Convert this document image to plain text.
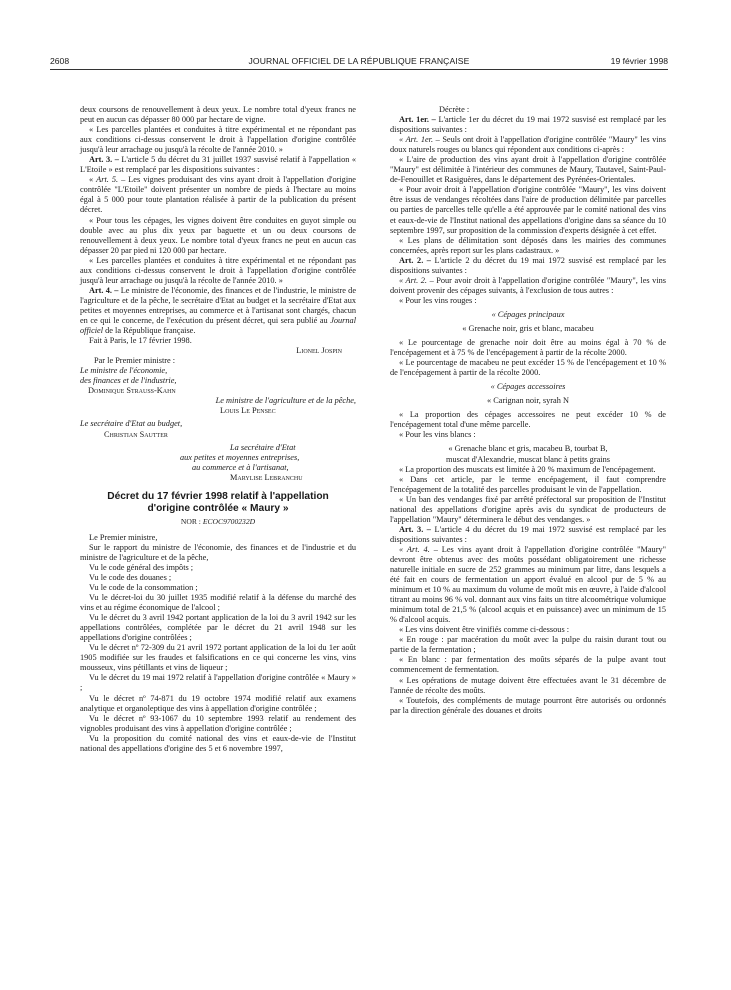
2608	JOURNAL OFFICIEL DE LA RÉPUBLIQUE FRANÇAISE	19 février 1998

deux coursons de renouvellement à deux yeux. Le nombre total d'yeux francs ne peut en aucun cas dépasser 80 000 par hectare de vigne.

« Les parcelles plantées et conduites à titre expérimental et ne répondant pas aux conditions ci-dessus conservent le droit à l'appellation d'origine contrôlée jusqu'à leur arrachage ou jusqu'à la récolte de l'année 2010. »

Art. 3. – L'article 5 du décret du 31 juillet 1937 susvisé relatif à l'appellation « L'Etoile » est remplacé par les dispositions suivantes :

« Art. 5. – Les vignes produisant des vins ayant droit à l'appellation d'origine contrôlée "L'Etoile" doivent présenter un nombre de pieds à l'hectare au moins égal à 5 000 pour toute plantation réalisée à partir de la publication du présent décret.

« Pour tous les cépages, les vignes doivent être conduites en guyot simple ou double avec au plus dix yeux par baguette et un ou deux coursons de renouvellement à deux yeux. Le nombre total d'yeux francs ne peut en aucun cas dépasser 20 par pied ni 120 000 par hectare.

« Les parcelles plantées et conduites à titre expérimental et ne répondant pas aux conditions ci-dessus conservent le droit à l'appellation d'origine contrôlée jusqu'à leur arrachage ou jusqu'à la récolte de l'année 2010. »

Art. 4. – Le ministre de l'économie, des finances et de l'industrie, le ministre de l'agriculture et de la pêche, le secrétaire d'Etat au budget et la secrétaire d'Etat aux petites et moyennes entreprises, au commerce et à l'artisanat sont chargés, chacun en ce qui le concerne, de l'exécution du présent décret, qui sera publié au Journal officiel de la République française.

Fait à Paris, le 17 février 1998.

Lionel Jospin

Par le Premier ministre :

Le ministre de l'économie,

des finances et de l'industrie,

Dominique Strauss-Kahn

Le ministre de l'agriculture et de la pêche,

Louis Le Pensec

Le secrétaire d'Etat au budget,

Christian Sautter

La secrétaire d'Etat

aux petites et moyennes entreprises,

au commerce et à l'artisanat,

Marylise Lebranchu

Décret du 17 février 1998 relatif à l'appellation
d'origine contrôlée « Maury »
NOR : ECOC9700232D

Le Premier ministre,

Sur le rapport du ministre de l'économie, des finances et de l'industrie et du ministre de l'agriculture et de la pêche,

Vu le code général des impôts ;

Vu le code des douanes ;

Vu le code de la consommation ;

Vu le décret-loi du 30 juillet 1935 modifié relatif à la défense du marché des vins et au régime économique de l'alcool ;

Vu le décret du 3 avril 1942 portant application de la loi du 3 avril 1942 sur les appellations contrôlées, complétée par le décret du 21 avril 1948 sur les appellations d'origine contrôlées ;

Vu le décret nº 72-309 du 21 avril 1972 portant application de la loi du 1er août 1905 modifiée sur les fraudes et falsifications en ce qui concerne les vins, vins mousseux, vins pétillants et vins de liqueur ;

Vu le décret du 19 mai 1972 relatif à l'appellation d'origine contrôlée « Maury » ;

Vu le décret nº 74-871 du 19 octobre 1974 modifié relatif aux examens analytique et organoleptique des vins à appellation d'origine contrôlée ;

Vu le décret nº 93-1067 du 10 septembre 1993 relatif au rendement des vignobles produisant des vins à appellation d'origine contrôlée ;

Vu la proposition du comité national des vins et eaux-de-vie de l'Institut national des appellations d'origine des 5 et 6 novembre 1997,

Décrète :

Art. 1er. – L'article 1er du décret du 19 mai 1972 susvisé est remplacé par les dispositions suivantes :

« Art. 1er. – Seuls ont droit à l'appellation d'origine contrôlée "Maury" les vins doux naturels rouges ou blancs qui répondent aux conditions ci-après :

« L'aire de production des vins ayant droit à l'appellation d'origine contrôlée "Maury" est délimitée à l'intérieur des communes de Maury, Tautavel, Saint-Paul-de-Fenouillet et Rasiguères, dans le département des Pyrénées-Orientales.

« Pour avoir droit à l'appellation d'origine contrôlée "Maury", les vins doivent être issus de vendanges récoltées dans l'aire de production délimitée par parcelles ou parties de parcelles telle qu'elle a été approuvée par le comité national des vins et eaux-de-vie de l'Institut national des appellations d'origine dans sa séance du 10 septembre 1997, sur proposition de la commission d'experts désignée à cet effet.

« Les plans de délimitation sont déposés dans les mairies des communes concernées, après report sur les plans cadastraux. »

Art. 2. – L'article 2 du décret du 19 mai 1972 susvisé est remplacé par les dispositions suivantes :

« Art. 2. – Pour avoir droit à l'appellation d'origine contrôlée "Maury", les vins doivent provenir des cépages suivants, à l'exclusion de tous autres :

« Pour les vins rouges :

« Cépages principaux

« Grenache noir, gris et blanc, macabeu

« Le pourcentage de grenache noir doit être au moins égal à 70 % de l'encépagement et à 75 % de l'encépagement à partir de la récolte 2000.

« Le pourcentage de macabeu ne peut excéder 15 % de l'encépagement et 10 % de l'encépagement à partir de la récolte 2000.

« Cépages accessoires

« Carignan noir, syrah N

« La proportion des cépages accessoires ne peut excéder 10 % de l'encépagement total d'une même parcelle.

« Pour les vins blancs :

« Grenache blanc et gris, macabeu B, tourbat B,

muscat d'Alexandrie, muscat blanc à petits grains

« La proportion des muscats est limitée à 20 % maximum de l'encépagement.

« Dans cet article, par le terme encépagement, il faut comprendre l'encépagement de la totalité des parcelles produisant le vin de l'appellation.

« Un ban des vendanges fixé par arrêté préfectoral sur proposition de l'Institut national des appellations d'origine après avis du syndicat de producteurs de l'appellation "Maury" déterminera le début des vendanges. »

Art. 3. – L'article 4 du décret du 19 mai 1972 susvisé est remplacé par les dispositions suivantes :

« Art. 4. – Les vins ayant droit à l'appellation d'origine contrôlée "Maury" devront être obtenus avec des moûts possédant obligatoirement une richesse naturelle initiale en sucre de 252 grammes au minimum par litre, dans lesquels a été fait en cours de fermentation un apport évalué en alcool pur de 5 % au minimum et 10 % au maximum du volume de moût mis en œuvre, à l'aide d'alcool titrant au moins 96 % vol. donnant aux vins faits un titre alcoométrique volumique minimum total de 21,5 % (alcool acquis et en puissance) avec un minimum de 15 % d'alcool acquis.

« Les vins doivent être vinifiés comme ci-dessous :

« En rouge : par macération du moût avec la pulpe du raisin durant tout ou partie de la fermentation ;

« En blanc : par fermentation des moûts séparés de la pulpe avant tout commencement de fermentation.

« Les opérations de mutage doivent être effectuées avant le 31 décembre de l'année de récolte des moûts.

« Toutefois, des compléments de mutage pourront être autorisés ou ordonnés par la direction générale des douanes et droits
